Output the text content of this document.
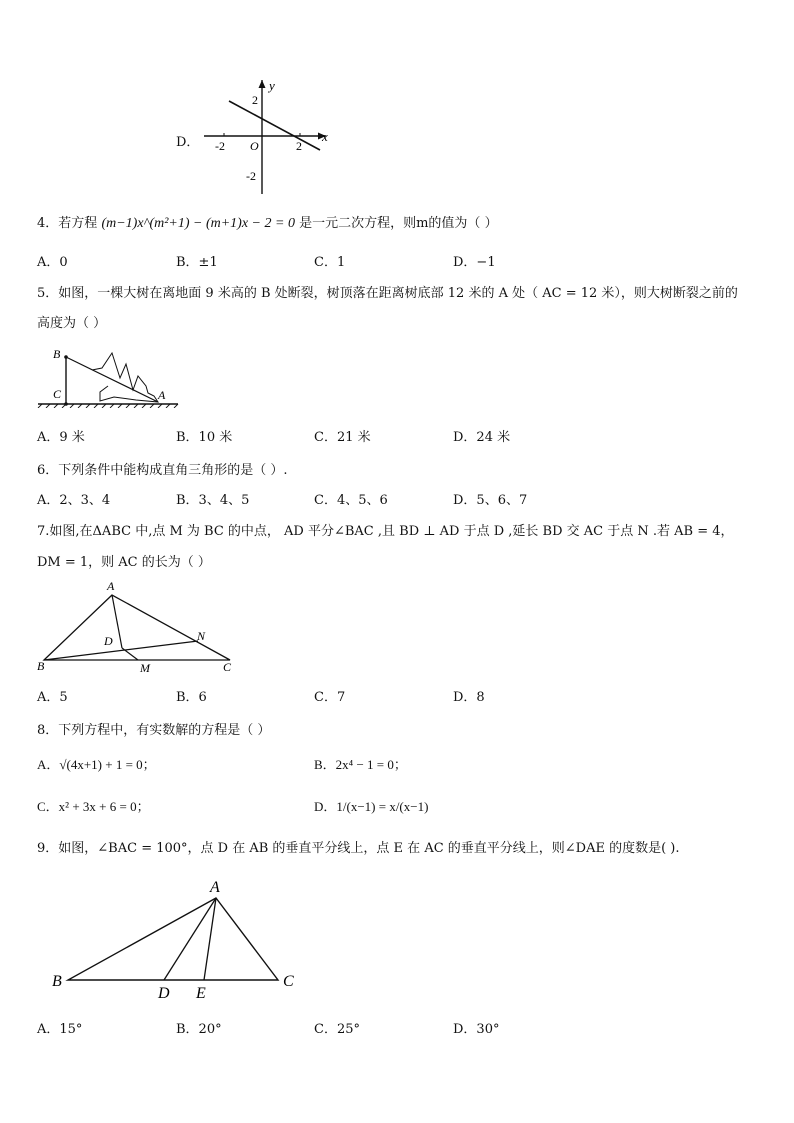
D．
y
x
O
-2	2
2
-2
4．若方程 (m−1)x^(m²+1) − (m+1)x − 2 = 0 是一元二次方程，则m的值为（ ）
A．0	B．±1	C．1	D．−1
5．如图，一棵大树在离地面 9 米高的 B 处断裂，树顶落在距离树底部 12 米的 A 处（ AC = 12 米），则大树断裂之前的
高度为（ ）
B
C	A
A．9 米	B．10 米	C．21 米	D．24 米
6．下列条件中能构成直角三角形的是（ ）.
A．2、3、4	B．3、4、5	C．4、5、6	D．5、6、7
7.如图,在ΔABC 中,点 M 为 BC 的中点， AD 平分∠BAC ,且 BD ⊥ AD 于点 D ,延长 BD 交 AC 于点 N .若 AB = 4，
DM = 1，则 AC 的长为（ ）
A
B	C
D
M
N
A．5	B．6	C．7	D．8
8．下列方程中，有实数解的方程是（ ）
A．√(4x+1) + 1 = 0；	B．2x⁴ − 1 = 0；
C．x² + 3x + 6 = 0；	D．1/(x−1) = x/(x−1)
9．如图，∠BAC = 100°，点 D 在 AB 的垂直平分线上，点 E 在 AC 的垂直平分线上，则∠DAE 的度数是( ).
A
B	C
D E
A．15°	B．20°	C．25°	D．30°
